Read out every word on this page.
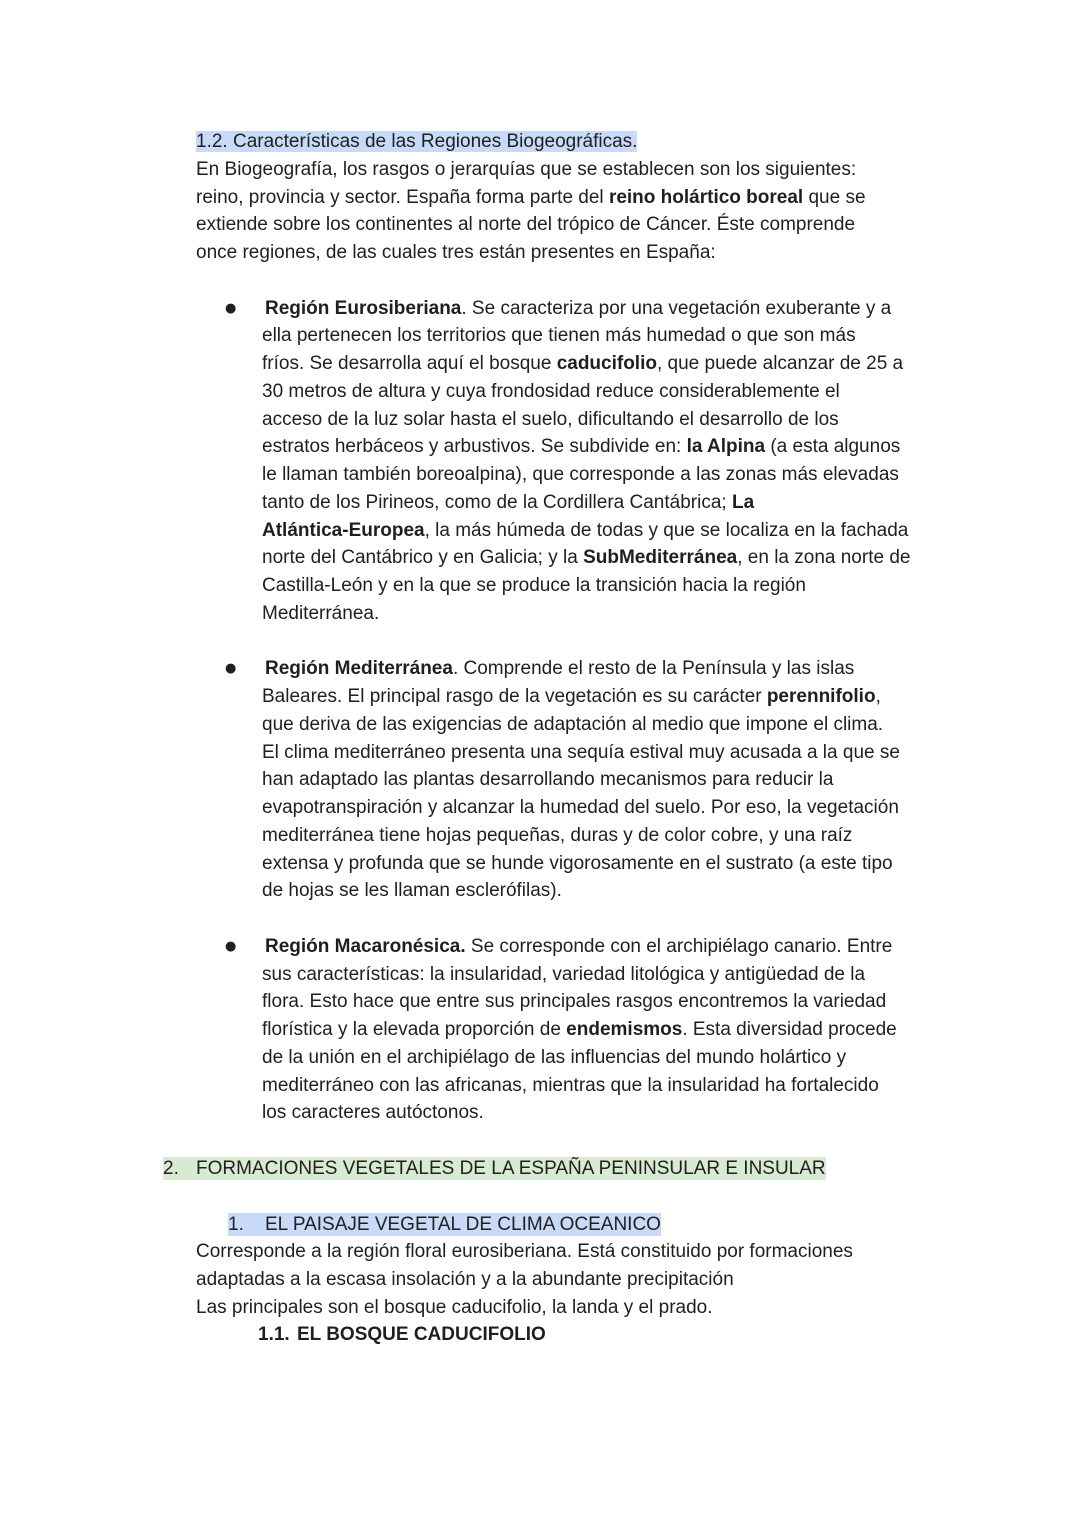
1.2. Características de las Regiones Biogeográficas.
En Biogeografía, los rasgos o jerarquías que se establecen son los siguientes:
reino, provincia y sector. España forma parte del reino holártico boreal que se
extiende sobre los continentes al norte del trópico de Cáncer. Éste comprende
once regiones, de las cuales tres están presentes en España:
● Región Eurosiberiana. Se caracteriza por una vegetación exuberante y a
ella pertenecen los territorios que tienen más humedad o que son más
fríos. Se desarrolla aquí el bosque caducifolio, que puede alcanzar de 25 a
30 metros de altura y cuya frondosidad reduce considerablemente el
acceso de la luz solar hasta el suelo, dificultando el desarrollo de los
estratos herbáceos y arbustivos. Se subdivide en: la Alpina (a esta algunos
le llaman también boreoalpina), que corresponde a las zonas más elevadas
tanto de los Pirineos, como de la Cordillera Cantábrica; La
Atlántica-Europea, la más húmeda de todas y que se localiza en la fachada
norte del Cantábrico y en Galicia; y la SubMediterránea, en la zona norte de
Castilla-León y en la que se produce la transición hacia la región
Mediterránea.
● Región Mediterránea. Comprende el resto de la Península y las islas
Baleares. El principal rasgo de la vegetación es su carácter perennifolio,
que deriva de las exigencias de adaptación al medio que impone el clima.
El clima mediterráneo presenta una sequía estival muy acusada a la que se
han adaptado las plantas desarrollando mecanismos para reducir la
evapotranspiración y alcanzar la humedad del suelo. Por eso, la vegetación
mediterránea tiene hojas pequeñas, duras y de color cobre, y una raíz
extensa y profunda que se hunde vigorosamente en el sustrato (a este tipo
de hojas se les llaman esclerófilas).
● Región Macaronésica. Se corresponde con el archipiélago canario. Entre
sus características: la insularidad, variedad litológica y antigüedad de la
flora. Esto hace que entre sus principales rasgos encontremos la variedad
florística y la elevada proporción de endemismos. Esta diversidad procede
de la unión en el archipiélago de las influencias del mundo holártico y
mediterráneo con las africanas, mientras que la insularidad ha fortalecido
los caracteres autóctonos.
2. FORMACIONES VEGETALES DE LA ESPAÑA PENINSULAR E INSULAR
1. EL PAISAJE VEGETAL DE CLIMA OCEANICO
Corresponde a la región floral eurosiberiana. Está constituido por formaciones
adaptadas a la escasa insolación y a la abundante precipitación
Las principales son el bosque caducifolio, la landa y el prado.
1.1. EL BOSQUE CADUCIFOLIO
